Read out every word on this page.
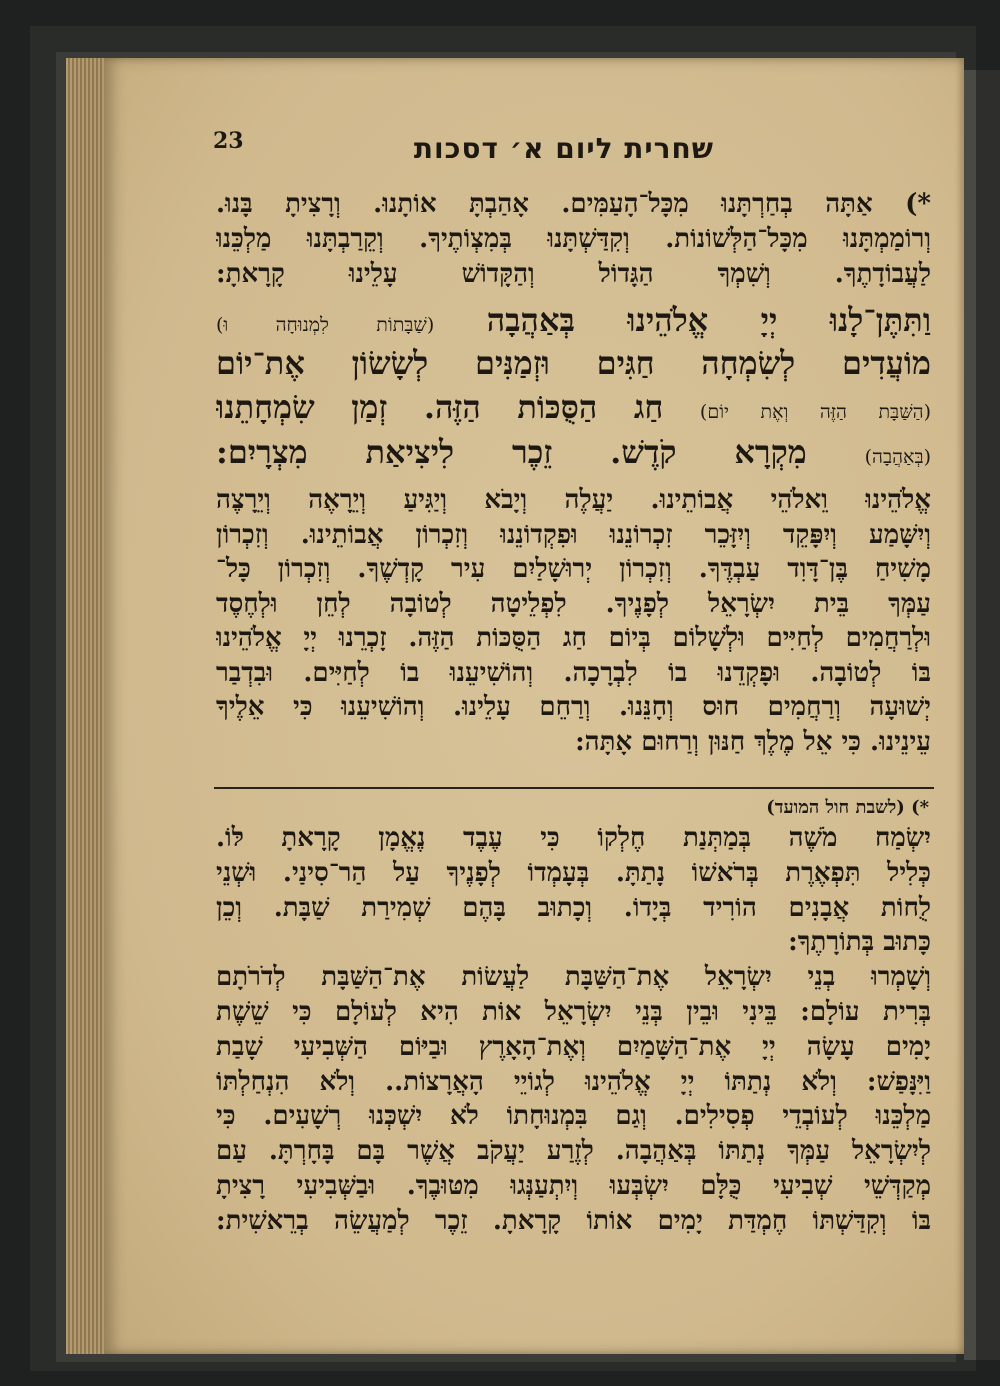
23	שחרית ליום א׳ דסכות
*) אַתָּה בְחַרְתָּנוּ מִכָּל־הָעַמִּים. אָהַבְתָּ אוֹתָנוּ. וְרָצִיתָ בָּנוּ.
וְרוֹמַמְתָּנוּ מִכָּל־הַלְּשׁוֹנוֹת. וְקִדַּשְׁתָּנוּ בְּמִצְוֹתֶיךָ. וְקֵרַבְתָּנוּ מַלְכֵּנוּ
לַעֲבוֹדָתֶךָ. וְשִׁמְךָ הַגָּדוֹל וְהַקָּדוֹשׁ עָלֵינוּ קָרָאתָ:
וַתִּתֶּן־לָנוּ יְיָ אֱלֹהֵינוּ בְּאַהֲבָה (שַׁבָּתוֹת לִמְנוּחָה וּ)
מוֹעֲדִים לְשִׂמְחָה חַגִּים וּזְמַנִּים לְשָׂשׂוֹן אֶת־יוֹם
(הַשַּׁבָּת הַזֶּה וְאֶת יוֹם) חַג הַסֻּכּוֹת הַזֶּה. זְמַן שִׂמְחָתֵנוּ
(בְּאַהֲבָה) מִקְרָא קֹדֶשׁ. זֵכֶר לִיצִיאַת מִצְרָיִם:
אֱלֹהֵינוּ וֵאלֹהֵי אֲבוֹתֵינוּ. יַעֲלֶה וְיָבֹא וְיַגִּיעַ וְיֵרָאֶה וְיֵרָצֶה
וְיִשָּׁמַע וְיִפָּקֵד וְיִזָּכֵר זִכְרוֹנֵנוּ וּפִקְדוֹנֵנוּ וְזִכְרוֹן אֲבוֹתֵינוּ. וְזִכְרוֹן
מָשִׁיחַ בֶּן־דָּוִד עַבְדֶּךָ. וְזִכְרוֹן יְרוּשָׁלַיִם עִיר קָדְשֶׁךָ. וְזִכְרוֹן כָּל־
עַמְּךָ בֵּית יִשְׂרָאֵל לְפָנֶיךָ. לִפְלֵיטָה לְטוֹבָה לְחֵן וּלְחֶסֶד
וּלְרַחֲמִים לְחַיִּים וּלְשָׁלוֹם בְּיוֹם חַג הַסֻּכּוֹת הַזֶּה. זָכְרֵנוּ יְיָ אֱלֹהֵינוּ
בּוֹ לְטוֹבָה. וּפָקְדֵנוּ בוֹ לִבְרָכָה. וְהוֹשִׁיעֵנוּ בוֹ לְחַיִּים. וּבִדְבַר
יְשׁוּעָה וְרַחֲמִים חוּס וְחָנֵּנוּ. וְרַחֵם עָלֵינוּ. וְהוֹשִׁיעֵנוּ כִּי אֵלֶיךָ
עֵינֵינוּ. כִּי אֵל מֶלֶךְ חַנּוּן וְרַחוּם אָתָּה:
יִשְׂמַח מֹשֶׁה בְּמַתְּנַת חֶלְקוֹ כִּי עֶבֶד נֶאֱמָן קָרָאתָ לּוֹ.
כְּלִיל תִּפְאֶרֶת בְּרֹאשׁוֹ נָתַתָּ. בְּעָמְדוֹ לְפָנֶיךָ עַל הַר־סִינַי. וּשְׁנֵי
לֻחוֹת אֲבָנִים הוֹרִיד בְּיָדוֹ. וְכָתוּב בָּהֶם שְׁמִירַת שַׁבָּת. וְכֵן
כָּתוּב בְּתוֹרָתֶךָ:
וְשָׁמְרוּ בְנֵי יִשְׂרָאֵל אֶת־הַשַּׁבָּת לַעֲשׂוֹת אֶת־הַשַּׁבָּת לְדֹרֹתָם
בְּרִית עוֹלָם: בֵּינִי וּבֵין בְּנֵי יִשְׂרָאֵל אוֹת הִיא לְעוֹלָם כִּי שֵׁשֶׁת
יָמִים עָשָׂה יְיָ אֶת־הַשָּׁמַיִם וְאֶת־הָאָרֶץ וּבַיּוֹם הַשְּׁבִיעִי שָׁבַת
וַיִּנָּפַשׁ: וְלֹא נְתַתּוֹ יְיָ אֱלֹהֵינוּ לְגוֹיֵי הָאֲרָצוֹת.. וְלֹא הִנְחַלְתּוֹ
מַלְכֵּנוּ לְעוֹבְדֵי פְסִילִים. וְגַם בִּמְנוּחָתוֹ לֹא יִשְׁכְּנוּ רְשָׁעִים. כִּי
לְיִשְׂרָאֵל עַמְּךָ נְתַתּוֹ בְּאַהֲבָה. לְזֶרַע יַעֲקֹב אֲשֶׁר בָּם בָּחָרְתָּ. עַם
מְקַדְּשֵׁי שְׁבִיעִי כֻּלָּם יִשְׂבְּעוּ וְיִתְעַנְּגוּ מִטּוּבֶךָ. וּבַשְּׁבִיעִי רָצִיתָ
בּוֹ וְקִדַּשְׁתּוֹ חֶמְדַּת יָמִים אוֹתוֹ קָרָאתָ. זֵכֶר לְמַעֲשֵׂה בְרֵאשִׁית:
*) (לשבת חול המועד)
